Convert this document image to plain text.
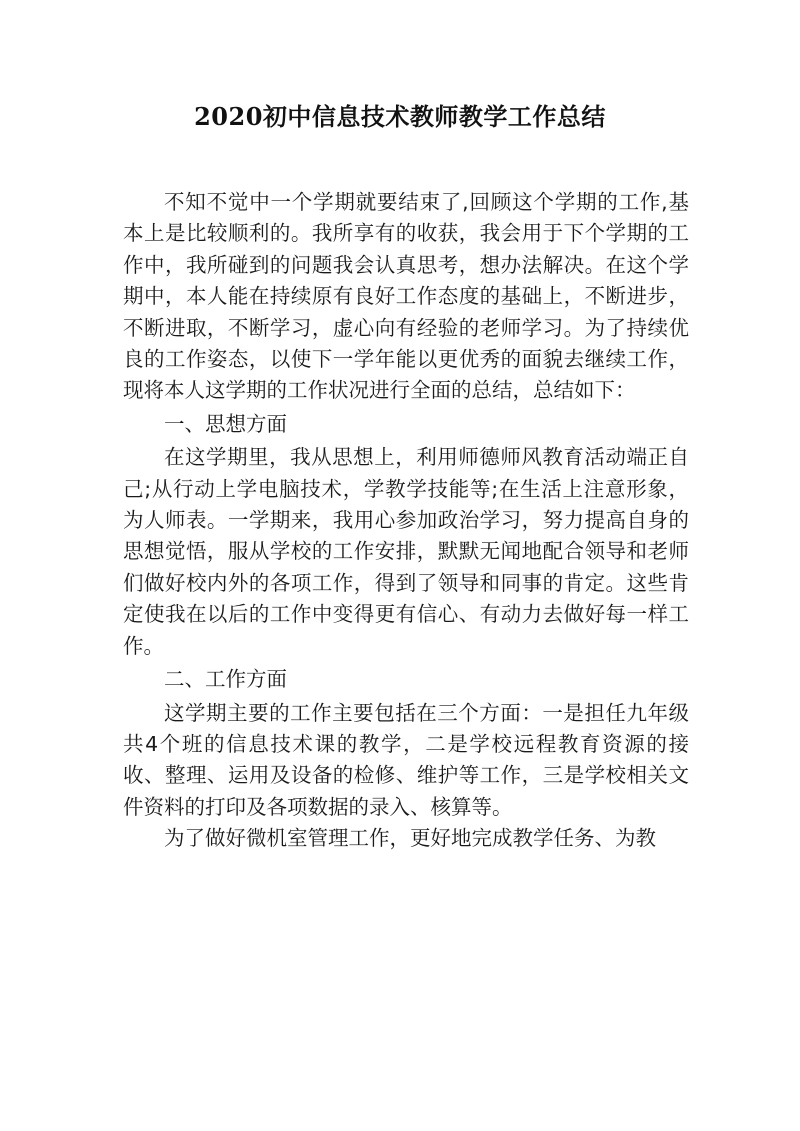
2020初中信息技术教师教学工作总结

不知不觉中一个学期就要结束了,回顾这个学期的工作,基本上是比较顺利的。我所享有的收获，我会用于下个学期的工作中，我所碰到的问题我会认真思考，想办法解决。在这个学期中，本人能在持续原有良好工作态度的基础上，不断进步，不断进取，不断学习，虚心向有经验的老师学习。为了持续优良的工作姿态，以使下一学年能以更优秀的面貌去继续工作，现将本人这学期的工作状况进行全面的总结，总结如下：

一、思想方面

在这学期里，我从思想上，利用师德师风教育活动端正自己;从行动上学电脑技术，学教学技能等;在生活上注意形象，为人师表。一学期来，我用心参加政治学习，努力提高自身的思想觉悟，服从学校的工作安排，默默无闻地配合领导和老师们做好校内外的各项工作，得到了领导和同事的肯定。这些肯定使我在以后的工作中变得更有信心、有动力去做好每一样工作。

二、工作方面

这学期主要的工作主要包括在三个方面：一是担任九年级共4个班的信息技术课的教学，二是学校远程教育资源的接收、整理、运用及设备的检修、维护等工作，三是学校相关文件资料的打印及各项数据的录入、核算等。

为了做好微机室管理工作，更好地完成教学任务、为教
